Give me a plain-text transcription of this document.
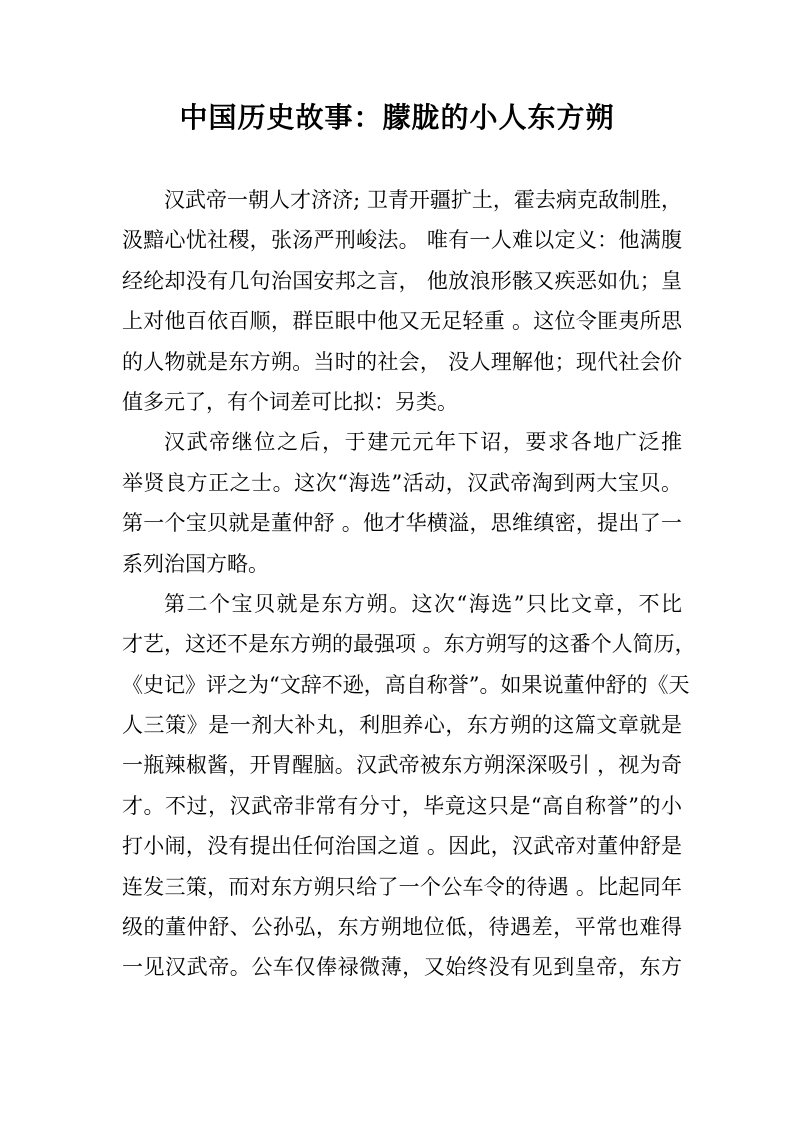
中国历史故事：朦胧的小人东方朔
汉武帝一朝人才济济; 卫青开疆扩土，霍去病克敌制胜，
汲黯心忧社稷，张汤严刑峻法。 唯有一人难以定义：他满腹
经纶却没有几句治国安邦之言， 他放浪形骸又疾恶如仇；皇
上对他百依百顺，群臣眼中他又无足轻重 。这位令匪夷所思
的人物就是东方朔。当时的社会， 没人理解他；现代社会价
值多元了，有个词差可比拟：另类。
汉武帝继位之后，于建元元年下诏，要求各地广泛推
举贤良方正之士。这次“海选”活动，汉武帝淘到两大宝贝。
第一个宝贝就是董仲舒 。他才华横溢，思维缜密，提出了一
系列治国方略。
第二个宝贝就是东方朔。这次“海选”只比文章，不比
才艺，这还不是东方朔的最强项 。东方朔写的这番个人简历，
《史记》评之为“文辞不逊，高自称誉”。如果说董仲舒的《天
人三策》是一剂大补丸，利胆养心，东方朔的这篇文章就是
一瓶辣椒酱，开胃醒脑。汉武帝被东方朔深深吸引 ，视为奇
才。不过，汉武帝非常有分寸，毕竟这只是“高自称誉”的小
打小闹，没有提出任何治国之道 。因此，汉武帝对董仲舒是
连发三策，而对东方朔只给了一个公车令的待遇 。比起同年
级的董仲舒、公孙弘，东方朔地位低，待遇差，平常也难得
一见汉武帝。公车仅俸禄微薄，又始终没有见到皇帝，东方
